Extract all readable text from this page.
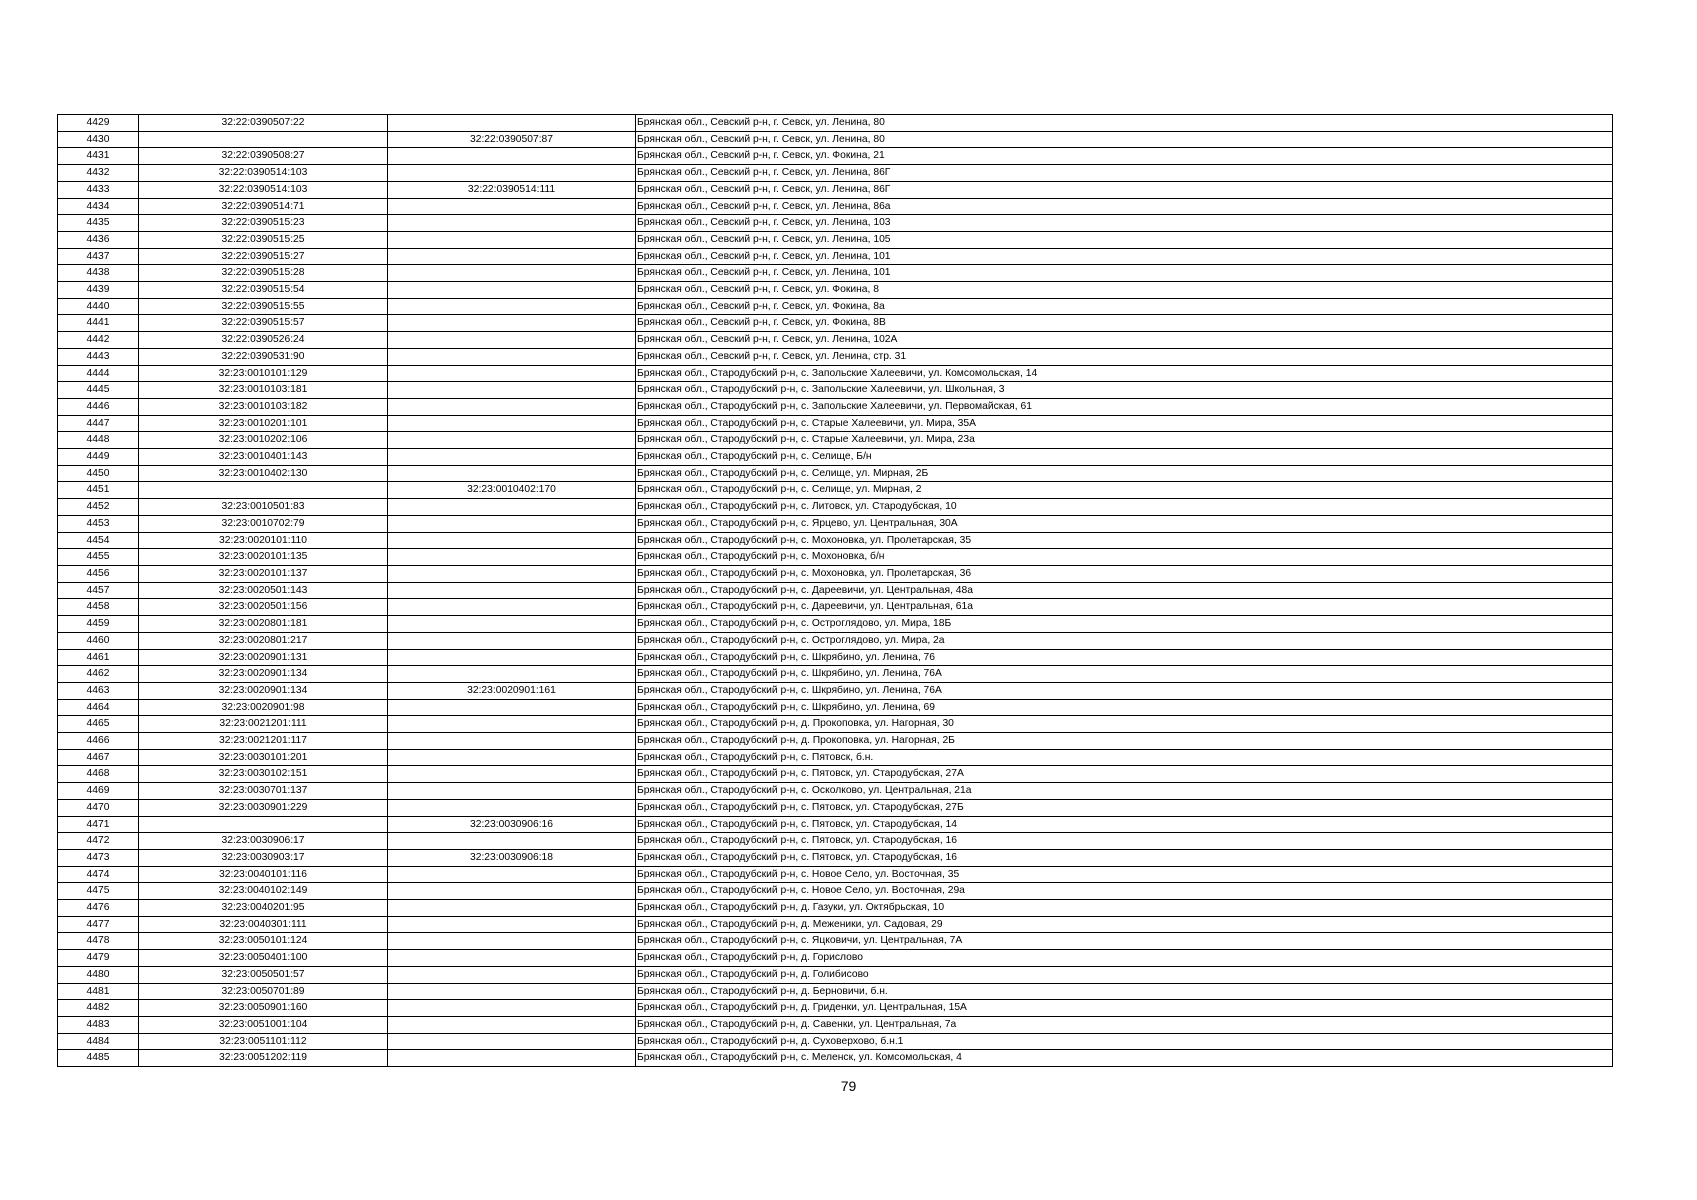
4429	32:22:0390507:22		Брянская обл., Севский р-н, г. Севск, ул. Ленина, 80
4430		32:22:0390507:87	Брянская обл., Севский р-н, г. Севск, ул. Ленина, 80
4431	32:22:0390508:27		Брянская обл., Севский р-н, г. Севск, ул. Фокина, 21
4432	32:22:0390514:103		Брянская обл., Севский р-н, г. Севск, ул. Ленина, 86Г
4433	32:22:0390514:103	32:22:0390514:111	Брянская обл., Севский р-н, г. Севск, ул. Ленина, 86Г
4434	32:22:0390514:71		Брянская обл., Севский р-н, г. Севск, ул. Ленина, 86а
4435	32:22:0390515:23		Брянская обл., Севский р-н, г. Севск, ул. Ленина, 103
4436	32:22:0390515:25		Брянская обл., Севский р-н, г. Севск, ул. Ленина, 105
4437	32:22:0390515:27		Брянская обл., Севский р-н, г. Севск, ул. Ленина, 101
4438	32:22:0390515:28		Брянская обл., Севский р-н, г. Севск, ул. Ленина, 101
4439	32:22:0390515:54		Брянская обл., Севский р-н, г. Севск, ул. Фокина, 8
4440	32:22:0390515:55		Брянская обл., Севский р-н, г. Севск, ул. Фокина, 8а
4441	32:22:0390515:57		Брянская обл., Севский р-н, г. Севск, ул. Фокина, 8В
4442	32:22:0390526:24		Брянская обл., Севский р-н, г. Севск, ул. Ленина, 102А
4443	32:22:0390531:90		Брянская обл., Севский р-н, г. Севск, ул. Ленина, стр. 31
4444	32:23:0010101:129		Брянская обл., Стародубский р-н, с. Запольские Халеевичи, ул. Комсомольская, 14
4445	32:23:0010103:181		Брянская обл., Стародубский р-н, с. Запольские Халеевичи, ул. Школьная, 3
4446	32:23:0010103:182		Брянская обл., Стародубский р-н, с. Запольские Халеевичи, ул. Первомайская, 61
4447	32:23:0010201:101		Брянская обл., Стародубский р-н, с. Старые Халеевичи, ул. Мира, 35А
4448	32:23:0010202:106		Брянская обл., Стародубский р-н, с. Старые Халеевичи, ул. Мира, 23а
4449	32:23:0010401:143		Брянская обл., Стародубский р-н, с. Селище, Б/н
4450	32:23:0010402:130		Брянская обл., Стародубский р-н, с. Селище, ул. Мирная, 2Б
4451		32:23:0010402:170	Брянская обл., Стародубский р-н, с. Селище, ул. Мирная, 2
4452	32:23:0010501:83		Брянская обл., Стародубский р-н, с. Литовск, ул. Стародубская, 10
4453	32:23:0010702:79		Брянская обл., Стародубский р-н, с. Ярцево, ул. Центральная, 30А
4454	32:23:0020101:110		Брянская обл., Стародубский р-н, с. Мохоновка, ул. Пролетарская, 35
4455	32:23:0020101:135		Брянская обл., Стародубский р-н, с. Мохоновка, б/н
4456	32:23:0020101:137		Брянская обл., Стародубский р-н, с. Мохоновка, ул. Пролетарская, 36
4457	32:23:0020501:143		Брянская обл., Стародубский р-н, с. Дареевичи, ул. Центральная, 48а
4458	32:23:0020501:156		Брянская обл., Стародубский р-н, с. Дареевичи, ул. Центральная, 61а
4459	32:23:0020801:181		Брянская обл., Стародубский р-н, с. Остроглядово, ул. Мира, 18Б
4460	32:23:0020801:217		Брянская обл., Стародубский р-н, с. Остроглядово, ул. Мира, 2а
4461	32:23:0020901:131		Брянская обл., Стародубский р-н, с. Шкрябино, ул. Ленина, 76
4462	32:23:0020901:134		Брянская обл., Стародубский р-н, с. Шкрябино, ул. Ленина, 76А
4463	32:23:0020901:134	32:23:0020901:161	Брянская обл., Стародубский р-н, с. Шкрябино, ул. Ленина, 76А
4464	32:23:0020901:98		Брянская обл., Стародубский р-н, с. Шкрябино, ул. Ленина, 69
4465	32:23:0021201:111		Брянская обл., Стародубский р-н, д. Прокоповка, ул. Нагорная, 30
4466	32:23:0021201:117		Брянская обл., Стародубский р-н, д. Прокоповка, ул. Нагорная, 2Б
4467	32:23:0030101:201		Брянская обл., Стародубский р-н, с. Пятовск, б.н.
4468	32:23:0030102:151		Брянская обл., Стародубский р-н, с. Пятовск, ул. Стародубская, 27А
4469	32:23:0030701:137		Брянская обл., Стародубский р-н, с. Осколково, ул. Центральная, 21а
4470	32:23:0030901:229		Брянская обл., Стародубский р-н, с. Пятовск, ул. Стародубская, 27Б
4471		32:23:0030906:16	Брянская обл., Стародубский р-н, с. Пятовск, ул. Стародубская, 14
4472	32:23:0030906:17		Брянская обл., Стародубский р-н, с. Пятовск, ул. Стародубская, 16
4473	32:23:0030903:17	32:23:0030906:18	Брянская обл., Стародубский р-н, с. Пятовск, ул. Стародубская, 16
4474	32:23:0040101:116		Брянская обл., Стародубский р-н, с. Новое Село, ул. Восточная, 35
4475	32:23:0040102:149		Брянская обл., Стародубский р-н, с. Новое Село, ул. Восточная, 29а
4476	32:23:0040201:95		Брянская обл., Стародубский р-н, д. Газуки, ул. Октябрьская, 10
4477	32:23:0040301:111		Брянская обл., Стародубский р-н, д. Меженики, ул. Садовая, 29
4478	32:23:0050101:124		Брянская обл., Стародубский р-н, с. Яцковичи, ул. Центральная, 7А
4479	32:23:0050401:100		Брянская обл., Стародубский р-н, д. Горислово
4480	32:23:0050501:57		Брянская обл., Стародубский р-н, д. Голибисово
4481	32:23:0050701:89		Брянская обл., Стародубский р-н, д. Берновичи, б.н.
4482	32:23:0050901:160		Брянская обл., Стародубский р-н, д. Гриденки, ул. Центральная, 15А
4483	32:23:0051001:104		Брянская обл., Стародубский р-н, д. Савенки, ул. Центральная, 7а
4484	32:23:0051101:112		Брянская обл., Стародубский р-н, д. Суховерхово, б.н.1
4485	32:23:0051202:119		Брянская обл., Стародубский р-н, с. Меленск, ул. Комсомольская, 4
79
